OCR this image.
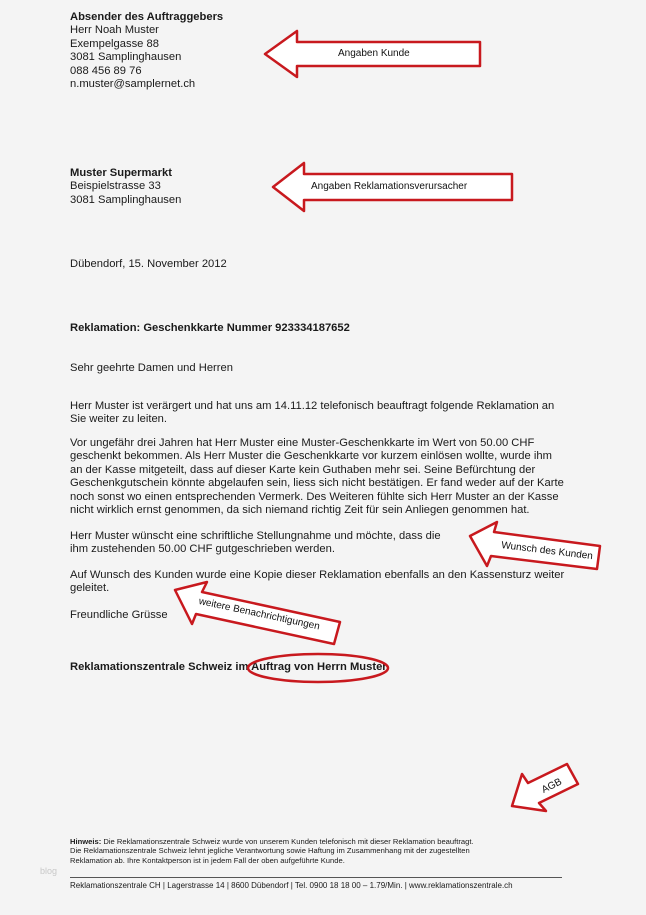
Absender des Auftraggebers
Herr Noah Muster
Exempelgasse 88
3081 Samplinghausen
088 456 89 76
n.muster@samplernet.ch
Muster Supermarkt
Beispielstrasse 33
3081 Samplinghausen
Dübendorf, 15. November 2012
Reklamation: Geschenkkarte Nummer 923334187652
Sehr geehrte Damen und Herren
Herr Muster ist verärgert und hat uns am 14.11.12 telefonisch beauftragt folgende Reklamation an
Sie weiter zu leiten.
Vor ungefähr drei Jahren hat Herr Muster eine Muster-Geschenkkarte im Wert von 50.00 CHF
geschenkt bekommen. Als Herr Muster die Geschenkkarte vor kurzem einlösen wollte, wurde ihm
an der Kasse mitgeteilt, dass auf dieser Karte kein Guthaben mehr sei. Seine Befürchtung der
Geschenkgutschein könnte abgelaufen sein, liess sich nicht bestätigen. Er fand weder auf der Karte
noch sonst wo einen entsprechenden Vermerk. Des Weiteren fühlte sich Herr Muster an der Kasse
nicht wirklich ernst genommen, da sich niemand richtig Zeit für sein Anliegen genommen hat.
Herr Muster wünscht eine schriftliche Stellungnahme und möchte, dass die
ihm zustehenden 50.00 CHF gutgeschrieben werden.
Auf Wunsch des Kunden wurde eine Kopie dieser Reklamation ebenfalls an den Kassensturz weiter
geleitet.
Freundliche Grüsse
Reklamationszentrale Schweiz im Auftrag von Herrn Muster
Hinweis: Die Reklamationszentrale Schweiz wurde von unserem Kunden telefonisch mit dieser Reklamation beauftragt.
Die Reklamationszentrale Schweiz lehnt jegliche Verantwortung sowie Haftung im Zusammenhang mit der zugestellten
Reklamation ab. Ihre Kontaktperson ist in jedem Fall der oben aufgeführte Kunde.
Reklamationszentrale CH | Lagerstrasse 14 | 8600 Dübendorf | Tel. 0900 18 18 00 – 1.79/Min. | www.reklamationszentrale.ch
blog
Angaben Kunde
Angaben Reklamationsverursacher
Wunsch des Kunden
weitere Benachrichtigungen
AGB
